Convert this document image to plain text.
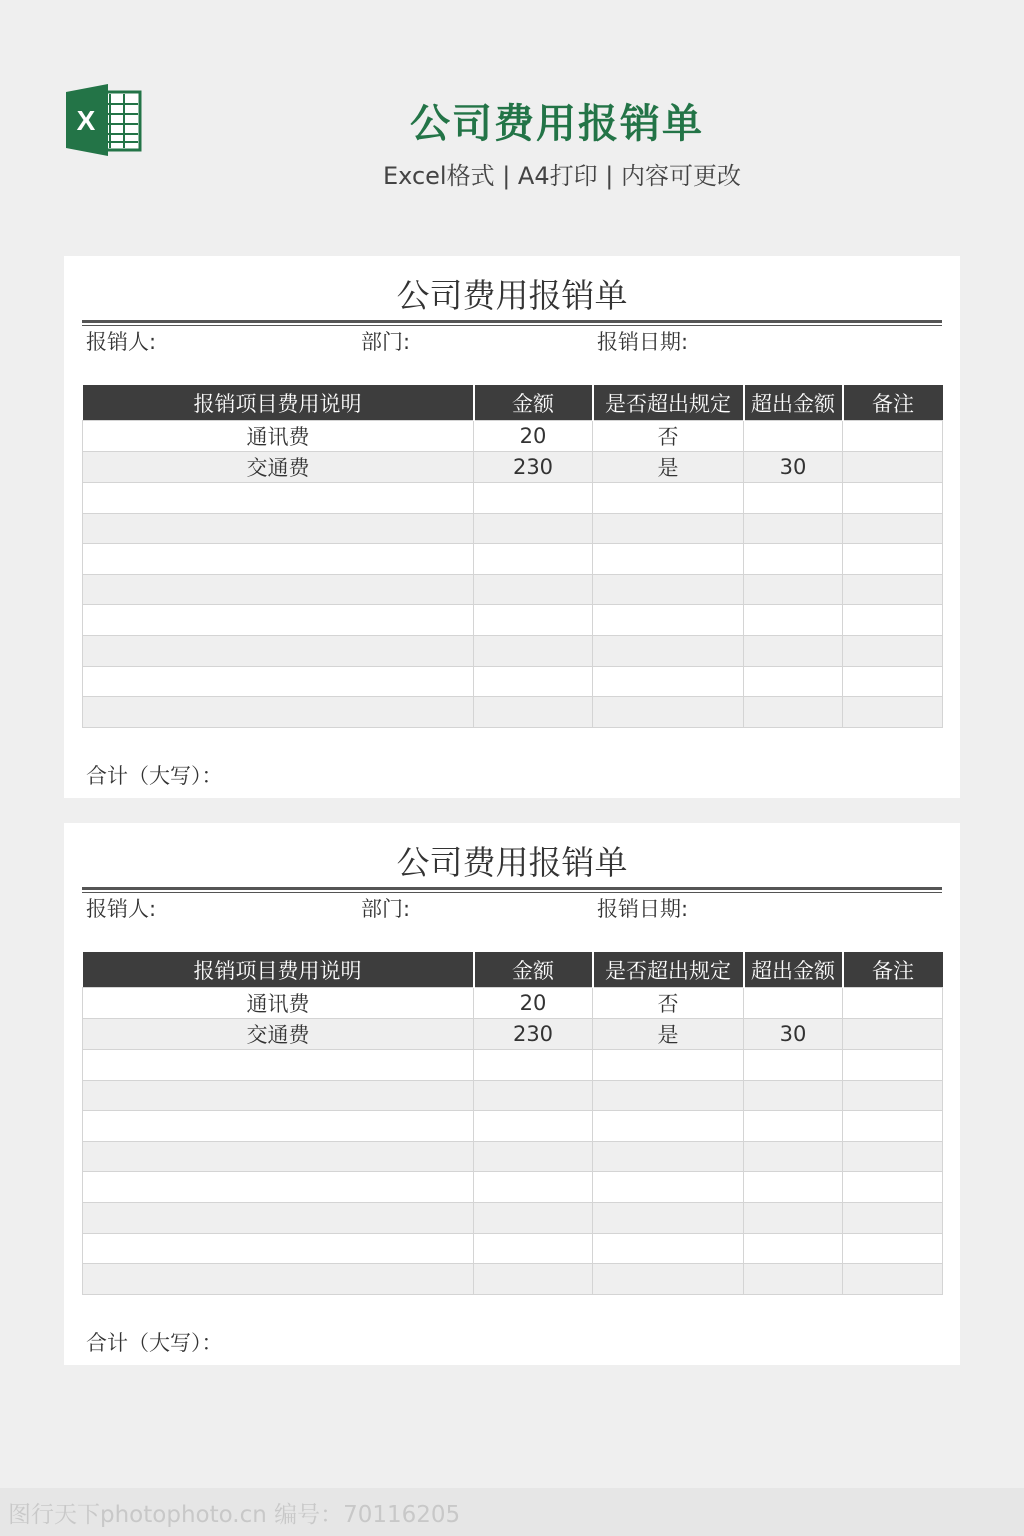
X	公司费用报销单
Excel格式 | A4打印 | 内容可更改
公司费用报销单
报销人:	部门:	报销日期:
报销项目费用说明	金额	是否超出规定	超出金额	备注
通讯费	20	否		
交通费	230	是	30	

合计（大写）：
公司费用报销单
报销人:	部门:	报销日期:
报销项目费用说明	金额	是否超出规定	超出金额	备注
通讯费	20	否		
交通费	230	是	30	

合计（大写）：
图行天下photophoto.cn 编号：70116205
